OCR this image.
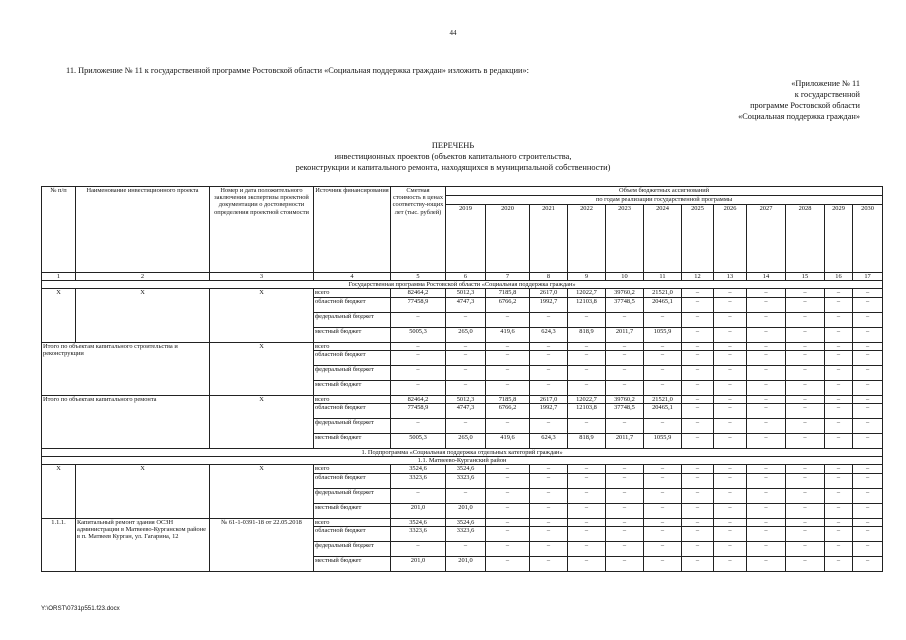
44
11. Приложение № 11 к государственной программе Ростовской области «Социальная поддержка граждан» изложить в редакции»:
«Приложение № 11
к государственной
программе Ростовской области
«Социальная поддержка граждан»
ПЕРЕЧЕНЬ
инвестиционных проектов (объектов капитального строительства,
реконструкции и капитального ремонта, находящихся в муниципальной собственности)
№ п/п	Наименование инвестиционного проекта	Номер и дата положительного заключения экспертизы проектной документации о достоверности определения проектной стоимости	Источник финансирования	Сметная стоимость в ценах соответству-ющих лет (тыс. рублей)	Объем бюджетных ассигнований											
					по годам реализации государственной программы											
					2019	2020	2021	2022	2023	2024	2025	2026	2027	2028	2029	2030
1	2	3	4	5	6	7	8	9	10	11	12	13	14	15	16	17
Государственная программа Ростовской области «Социальная поддержка граждан»																
X	X	X	всего	82464,2	5012,3	7185,8	2617,0	12022,7	39760,2	21521,0	–	–	–	–	–	–
			областной бюджет	77458,9	4747,3	6766,2	1992,7	12103,8	37748,5	20465,1	–	–	–	–	–	–
			федеральный бюджет	–	–	–	–	–	–	–	–	–	–	–	–	–
			местный бюджет	5005,3	265,0	419,6	624,3	818,9	2011,7	1055,9	–	–	–	–	–	–
Итого по объектам капитального строительства и реконструкции		X	всего	–	–	–	–	–	–	–	–	–	–	–	–	–
			областной бюджет	–	–	–	–	–	–	–	–	–	–	–	–	–
			федеральный бюджет	–	–	–	–	–	–	–	–	–	–	–	–	–
			местный бюджет	–	–	–	–	–	–	–	–	–	–	–	–	–
Итого по объектам капитального ремонта		X	всего	82464,2	5012,3	7185,8	2617,0	12022,7	39760,2	21521,0	–	–	–	–	–	–
			областной бюджет	77458,9	4747,3	6766,2	1992,7	12103,8	37748,5	20465,1	–	–	–	–	–	–
			федеральный бюджет	–	–	–	–	–	–	–	–	–	–	–	–	–
			местный бюджет	5005,3	265,0	419,6	624,3	818,9	2011,7	1055,9	–	–	–	–	–	–
1. Подпрограмма «Социальная поддержка отдельных категорий граждан»																
1.1. Матвеево-Курганский район																
X	X	X	всего	3524,6	3524,6	–	–	–	–	–	–	–	–	–	–	–
			областной бюджет	3323,6	3323,6	–	–	–	–	–	–	–	–	–	–	–
			федеральный бюджет	–	–	–	–	–	–	–	–	–	–	–	–	–
			местный бюджет	201,0	201,0	–	–	–	–	–	–	–	–	–	–	–
1.1.1.	Капитальный ремонт здания ОСЗН администрации в Матвеево-Курганском районе в п. Матвеев Курган, ул. Гагарина, 12	№ 61-1-0391-18 от 22.05.2018	всего	3524,6	3524,6	–	–	–	–	–	–	–	–	–	–	–
			областной бюджет	3323,6	3323,6	–	–	–	–	–	–	–	–	–	–	–
			федеральный бюджет	–	–	–	–	–	–	–	–	–	–	–	–	–
			местный бюджет	201,0	201,0	–	–	–	–	–	–	–	–	–	–	–
Y:\ORST\0731p551.f23.docx
